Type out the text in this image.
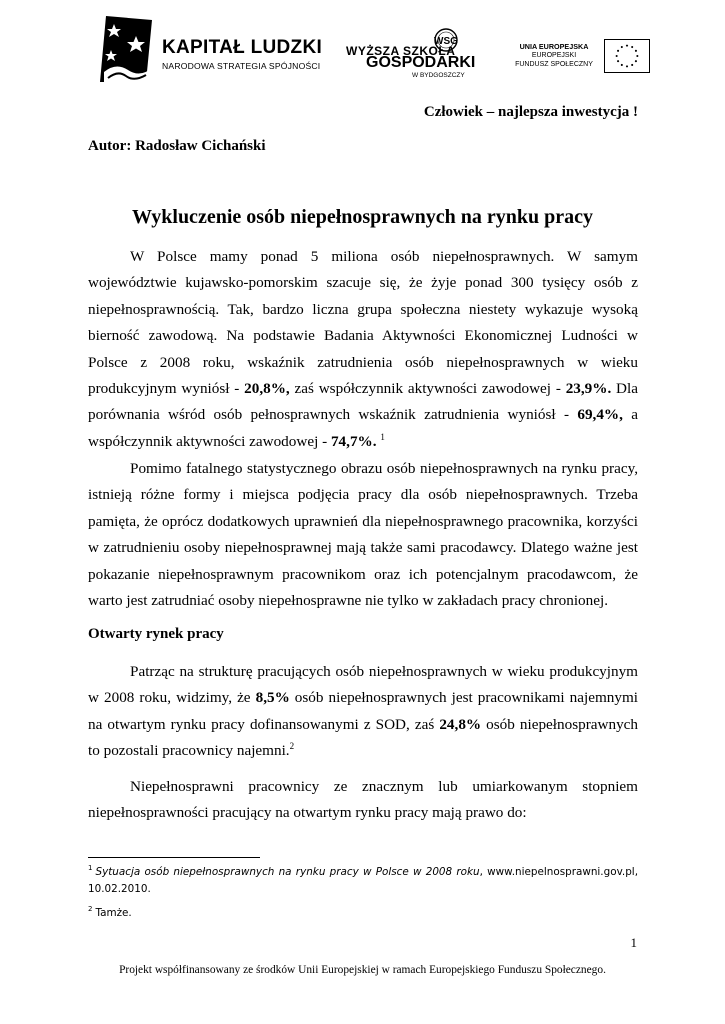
KAPITAŁ LUDZKI
NARODOWA STRATEGIA SPÓJNOŚCI
WYŻSZA SZKOŁA
WSG
GOSPODARKI
W BYDGOSZCZY
UNIA EUROPEJSKA
EUROPEJSKI
FUNDUSZ SPOŁECZNY
Człowiek – najlepsza inwestycja !
Autor: Radosław Cichański
Wykluczenie osób niepełnosprawnych na rynku pracy

W Polsce mamy ponad 5 miliona osób niepełnosprawnych. W samym województwie kujawsko-pomorskim szacuje się, że żyje ponad 300 tysięcy osób z niepełnosprawnością. Tak, bardzo liczna grupa społeczna niestety wykazuje wysoką bierność zawodową. Na podstawie Badania Aktywności Ekonomicznej Ludności w Polsce z 2008 roku, wskaźnik zatrudnienia osób niepełnosprawnych w wieku produkcyjnym wyniósł - 20,8%, zaś współczynnik aktywności zawodowej - 23,9%. Dla porównania wśród osób pełnosprawnych wskaźnik zatrudnienia wyniósł - 69,4%, a współczynnik aktywności zawodowej - 74,7%. $^1$

Pomimo fatalnego statystycznego obrazu osób niepełnosprawnych na rynku pracy, istnieją różne formy i miejsca podjęcia pracy dla osób niepełnosprawnych. Trzeba pamięta, że oprócz dodatkowych uprawnień dla niepełnosprawnego pracownika, korzyści w zatrudnieniu osoby niepełnosprawnej mają także sami pracodawcy. Dlatego ważne jest pokazanie niepełnosprawnym pracownikom oraz ich potencjalnym pracodawcom, że warto jest zatrudniać osoby niepełnosprawne nie tylko w zakładach pracy chronionej.

Otwarty rynek pracy

Patrząc na strukturę pracujących osób niepełnosprawnych w wieku produkcyjnym w 2008 roku, widzimy, że 8,5% osób niepełnosprawnych jest pracownikami najemnymi na otwartym rynku pracy dofinansowanymi z SOD, zaś 24,8% osób niepełnosprawnych to pozostali pracownicy najemni.$^2$

Niepełnosprawni pracownicy ze znacznym lub umiarkowanym stopniem niepełnosprawności pracujący na otwartym rynku pracy mają prawo do:

$^1$ Sytuacja osób niepełnosprawnych na rynku pracy w Polsce w 2008 roku, www.niepelnosprawni.gov.pl, 10.02.2010.

$^2$ Tamże.

1
Projekt współfinansowany ze środków Unii Europejskiej w ramach Europejskiego Funduszu Społecznego.
